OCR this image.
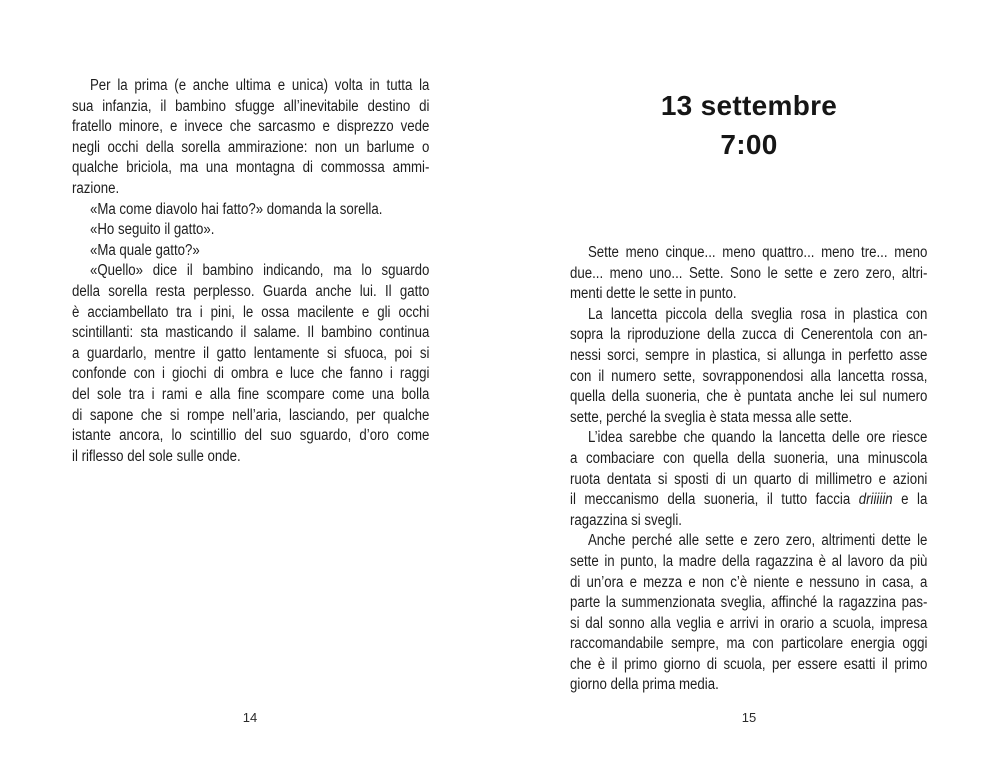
Per la prima (e anche ultima e unica) volta in tutta la
sua infanzia, il bambino sfugge all’inevitabile destino di
fratello minore, e invece che sarcasmo e disprezzo vede
negli occhi della sorella ammirazione: non un barlume o
qualche briciola, ma una montagna di commossa ammi-
razione.
«Ma come diavolo hai fatto?» domanda la sorella.
«Ho seguito il gatto».
«Ma quale gatto?»
«Quello» dice il bambino indicando, ma lo sguardo
della sorella resta perplesso. Guarda anche lui. Il gatto
è acciambellato tra i pini, le ossa macilente e gli occhi
scintillanti: sta masticando il salame. Il bambino continua
a guardarlo, mentre il gatto lentamente si sfuoca, poi si
confonde con i giochi di ombra e luce che fanno i raggi
del sole tra i rami e alla fine scompare come una bolla
di sapone che si rompe nell’aria, lasciando, per qualche
istante ancora, lo scintillio del suo sguardo, d’oro come
il riflesso del sole sulle onde.
14
13 settembre
7:00
Sette meno cinque... meno quattro... meno tre... meno
due... meno uno... Sette. Sono le sette e zero zero, altri-
menti dette le sette in punto.
La lancetta piccola della sveglia rosa in plastica con
sopra la riproduzione della zucca di Cenerentola con an-
nessi sorci, sempre in plastica, si allunga in perfetto asse
con il numero sette, sovrapponendosi alla lancetta rossa,
quella della suoneria, che è puntata anche lei sul numero
sette, perché la sveglia è stata messa alle sette.
L’idea sarebbe che quando la lancetta delle ore riesce
a combaciare con quella della suoneria, una minuscola
ruota dentata si sposti di un quarto di millimetro e azioni
il meccanismo della suoneria, il tutto faccia driiiiin e la
ragazzina si svegli.
Anche perché alle sette e zero zero, altrimenti dette le
sette in punto, la madre della ragazzina è al lavoro da più
di un’ora e mezza e non c’è niente e nessuno in casa, a
parte la summenzionata sveglia, affinché la ragazzina pas-
si dal sonno alla veglia e arrivi in orario a scuola, impresa
raccomandabile sempre, ma con particolare energia oggi
che è il primo giorno di scuola, per essere esatti il primo
giorno della prima media.
15
